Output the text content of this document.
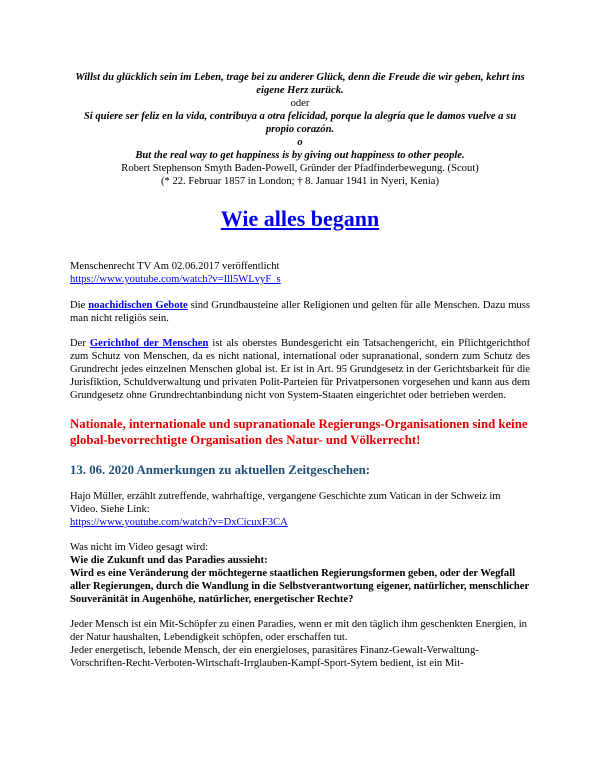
Willst du glücklich sein im Leben, trage bei zu anderer Glück, denn die Freude die wir geben, kehrt ins eigene Herz zurück.
oder
Si quiere ser feliz en la vida, contribuya a otra felicidad, porque la alegría que le damos vuelve a su propio corazón.
o
But the real way to get happiness is by giving out happiness to other people.
Robert Stephenson Smyth Baden-Powell, Gründer der Pfadfinderbewegung. (Scout)
(* 22. Februar 1857 in London; † 8. Januar 1941 in Nyeri, Kenia)
Wie alles begann
Menschenrecht TV Am 02.06.2017 veröffentlicht
https://www.youtube.com/watch?v=Ill5WLvyF_s
Die noachidischen Gebote sind Grundbausteine aller Religionen und gelten für alle Menschen. Dazu muss man nicht religiös sein.
Der Gerichthof der Menschen ist als oberstes Bundesgericht ein Tatsachengericht, ein Pflichtgerichthof zum Schutz von Menschen, da es nicht national, international oder supranational, sondern zum Schutz des Grundrecht jedes einzelnen Menschen global ist. Er ist in Art. 95 Grundgesetz in der Gerichtsbarkeit für die Jurisfiktion, Schuldverwaltung und privaten Polit-Parteien für Privatpersonen vorgesehen und kann aus dem Grundgesetz ohne Grundrechtanbindung nicht von System-Staaten eingerichtet oder betrieben werden.
Nationale, internationale und supranationale Regierungs-Organisationen sind keine global-bevorrechtigte Organisation des Natur- und Völkerrecht!
13. 06. 2020 Anmerkungen zu aktuellen Zeitgeschehen:
Hajo Müller, erzählt zutreffende, wahrhaftige, vergangene Geschichte zum Vatican in der Schweiz im Video. Siehe Link:
https://www.youtube.com/watch?v=DxCicuxF3CA
Was nicht im Video gesagt wird:
Wie die Zukunft und das Paradies aussieht:
Wird es eine Veränderung der möchtegerne staatlichen Regierungsformen geben, oder der Wegfall aller Regierungen, durch die Wandlung in die Selbstverantwortung eigener, natürlicher, menschlicher Souveränität in Augenhöhe, natürlicher, energetischer Rechte?
Jeder Mensch ist ein Mit-Schöpfer zu einen Paradies, wenn er mit den täglich ihm geschenkten Energien, in der Natur haushalten, Lebendigkeit schöpfen, oder erschaffen tut.
Jeder energetisch, lebende Mensch, der ein energieloses, parasitäres Finanz-Gewalt-Verwaltung-Vorschriften-Recht-Verboten-Wirtschaft-Irrglauben-Kampf-Sport-Sytem bedient, ist ein Mit-
